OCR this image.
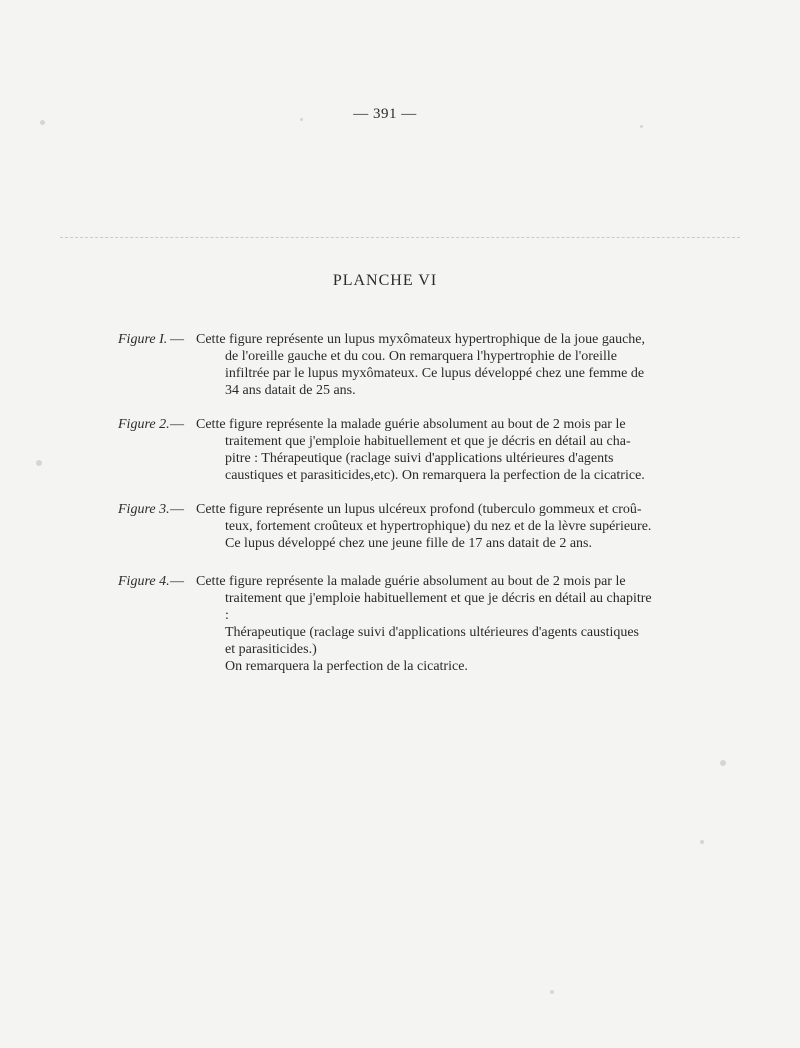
— 391 —
PLANCHE VI
Figure I. — Cette figure représente un lupus myxômateux hypertrophique de la joue gauche,
de l'oreille gauche et du cou. On remarquera l'hypertrophie de l'oreille
infiltrée par le lupus myxômateux. Ce lupus développé chez une femme de
34 ans datait de 25 ans.
Figure 2. — Cette figure représente la malade guérie absolument au bout de 2 mois par le
traitement que j'emploie habituellement et que je décris en détail au cha-
pitre : Thérapeutique (raclage suivi d'applications ultérieures d'agents
caustiques et parasiticides,etc). On remarquera la perfection de la cicatrice.
Figure 3. — Cette figure représente un lupus ulcéreux profond (tuberculo gommeux et croû-
teux, fortement croûteux et hypertrophique) du nez et de la lèvre supérieure.
Ce lupus développé chez une jeune fille de 17 ans datait de 2 ans.
Figure 4. — Cette figure représente la malade guérie absolument au bout de 2 mois par le
traitement que j'emploie habituellement et que je décris en détail au chapitre :
Thérapeutique (raclage suivi d'applications ultérieures d'agents caustiques
et parasiticides.)
On remarquera la perfection de la cicatrice.
